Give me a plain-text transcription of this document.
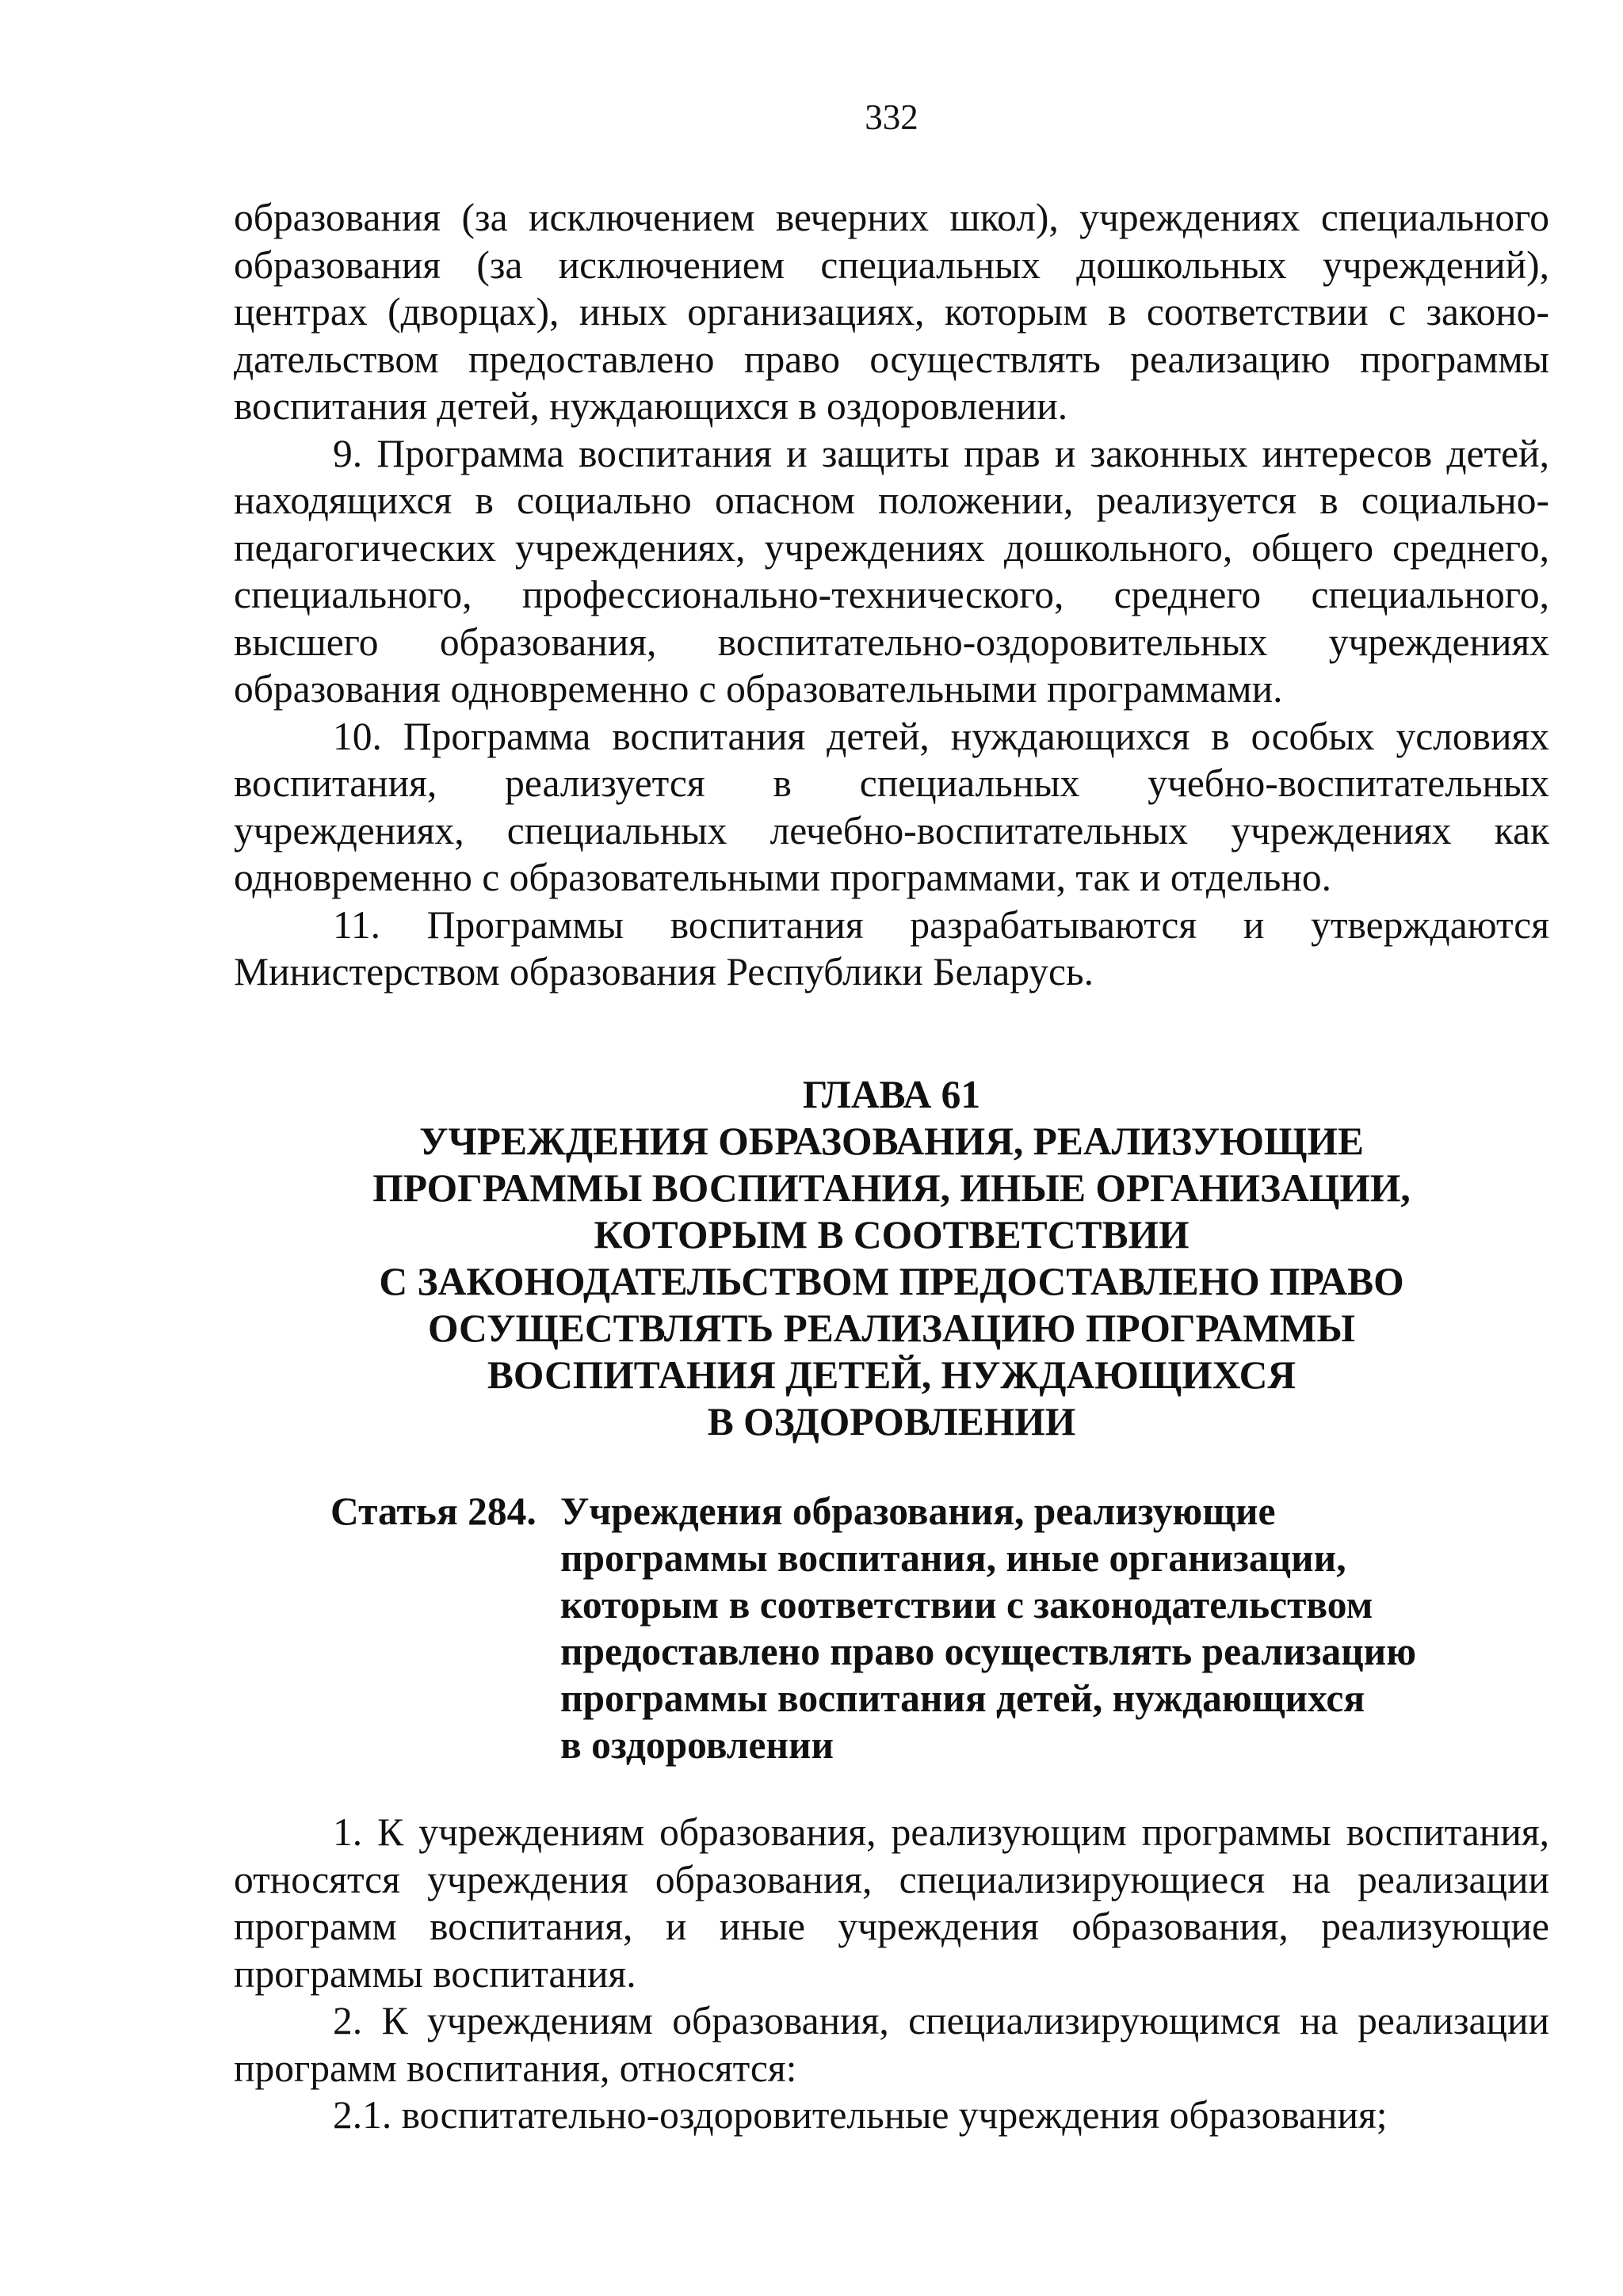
332

образования (за исключением вечерних школ), учреждениях специального образования (за исключением специальных дошкольных учреждений), центрах (дворцах), иных организациях, которым в соответствии с законодательством предоставлено право осуществлять реализацию программы воспитания детей, нуждающихся в оздоровлении.

9. Программа воспитания и защиты прав и законных интересов детей, находящихся в социально опасном положении, реализуется в социально-педагогических учреждениях, учреждениях дошкольного, общего среднего, специального, профессионально-технического, среднего специального, высшего образования, воспитательно-оздоровительных учреждениях образования одновременно с образовательными программами.

10. Программа воспитания детей, нуждающихся в особых условиях воспитания, реализуется в специальных учебно-воспитательных учреждениях, специальных лечебно-воспитательных учреждениях как одновременно с образовательными программами, так и отдельно.

11. Программы воспитания разрабатываются и утверждаются Министерством образования Республики Беларусь.

ГЛАВА 61
УЧРЕЖДЕНИЯ ОБРАЗОВАНИЯ, РЕАЛИЗУЮЩИЕ
ПРОГРАММЫ ВОСПИТАНИЯ, ИНЫЕ ОРГАНИЗАЦИИ,
КОТОРЫМ В СООТВЕТСТВИИ
С ЗАКОНОДАТЕЛЬСТВОМ ПРЕДОСТАВЛЕНО ПРАВО
ОСУЩЕСТВЛЯТЬ РЕАЛИЗАЦИЮ ПРОГРАММЫ
ВОСПИТАНИЯ ДЕТЕЙ, НУЖДАЮЩИХСЯ
В ОЗДОРОВЛЕНИИ
Статья 284. Учреждения образования, реализующие
программы воспитания, иные организации,
которым в соответствии с законодательством
предоставлено право осуществлять реализацию
программы воспитания детей, нуждающихся
в оздоровлении

1. К учреждениям образования, реализующим программы воспитания, относятся учреждения образования, специализирующиеся на реализации программ воспитания, и иные учреждения образования, реализующие программы воспитания.

2. К учреждениям образования, специализирующимся на реализации программ воспитания, относятся:

2.1. воспитательно-оздоровительные учреждения образования;
